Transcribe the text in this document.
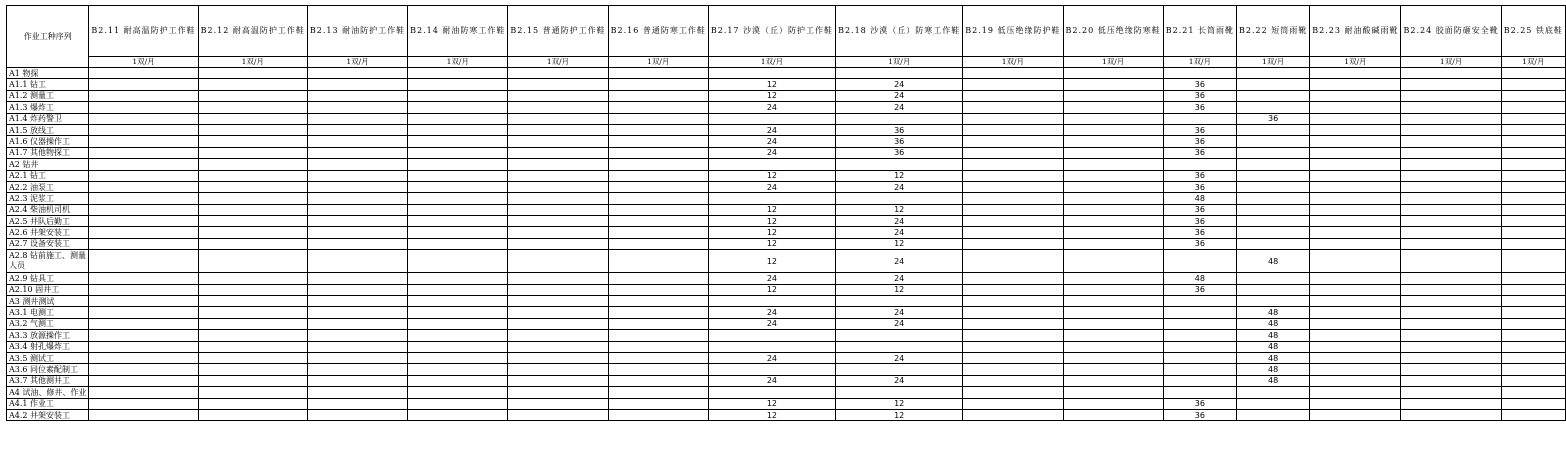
作业工种序列	B2.11 耐高温防护工作鞋	B2.12 耐高温防护工作鞋	B2.13 耐油防护工作鞋	B2.14 耐油防寒工作鞋	B2.15 普通防护工作鞋	B2.16 普通防寒工作鞋	B2.17 沙漠（丘）防护工作鞋	B2.18 沙漠（丘）防寒工作鞋	B2.19 低压绝缘防护鞋	B2.20 低压绝缘防寒鞋	B2.21 长筒雨靴	B2.22 短筒雨靴	B2.23 耐油酸碱雨靴	B2.24 胶面防砸安全靴	B2.25 铁底鞋
	1双/月	1双/月	1双/月	1双/月	1双/月	1双/月	1双/月	1双/月	1双/月	1双/月	1双/月	1双/月	1双/月	1双/月	1双/月
A1 物探															
A1.1 钻工							12	24			36				
A1.2 测量工							12	24			36				
A1.3 爆炸工							24	24			36				
A1.4 炸药警卫												36			
A1.5 放线工							24	36			36				
A1.6 仪器操作工							24	36			36				
A1.7 其他物探工							24	36			36				
A2 钻井															
A2.1 钻工							12	12			36				
A2.2 油泵工							24	24			36				
A2.3 泥浆工											48				
A2.4 柴油机司机							12	12			36				
A2.5 井队后勤工							12	24			36				
A2.6 井架安装工							12	24			36				
A2.7 设备安装工							12	12			36				
A2.8 钻前施工、测量人员							12	24				48			
A2.9 钻具工							24	24			48				
A2.10 固井工							12	12			36				
A3 测井测试															
A3.1 电测工							24	24				48			
A3.2 气测工							24	24				48			
A3.3 放源操作工												48			
A3.4 射孔爆炸工												48			
A3.5 测试工							24	24				48			
A3.6 同位素配制工												48			
A3.7 其他测井工							24	24				48			
A4 试油、修井、作业															
A4.1 作业工							12	12			36				
A4.2 井架安装工							12	12			36				
